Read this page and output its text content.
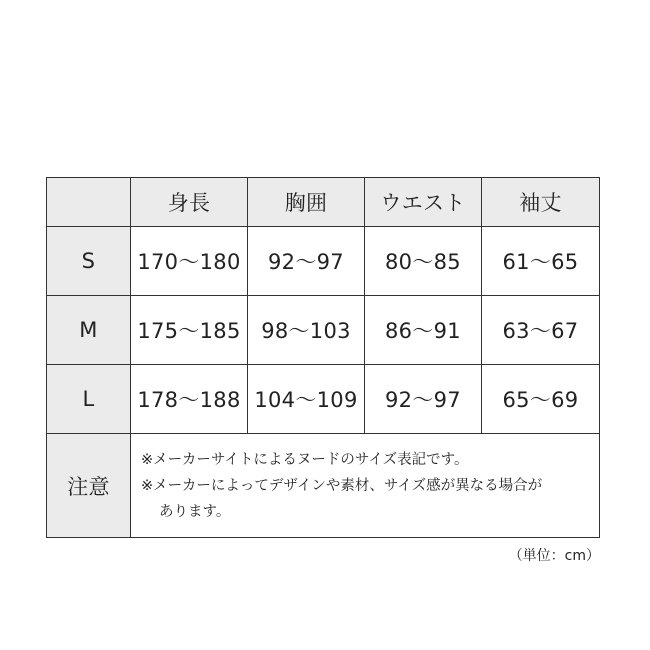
	身長	胸囲	ウエスト	袖丈
S	170〜180	92〜97	80〜85	61〜65
M	175〜185	98〜103	86〜91	63〜67
L	178〜188	104〜109	92〜97	65〜69
注意	※メーカーサイトによるヌードのサイズ表記です。
※メーカーによってデザインや素材、サイズ感が異なる場合が
あります。			
（単位：cm）
